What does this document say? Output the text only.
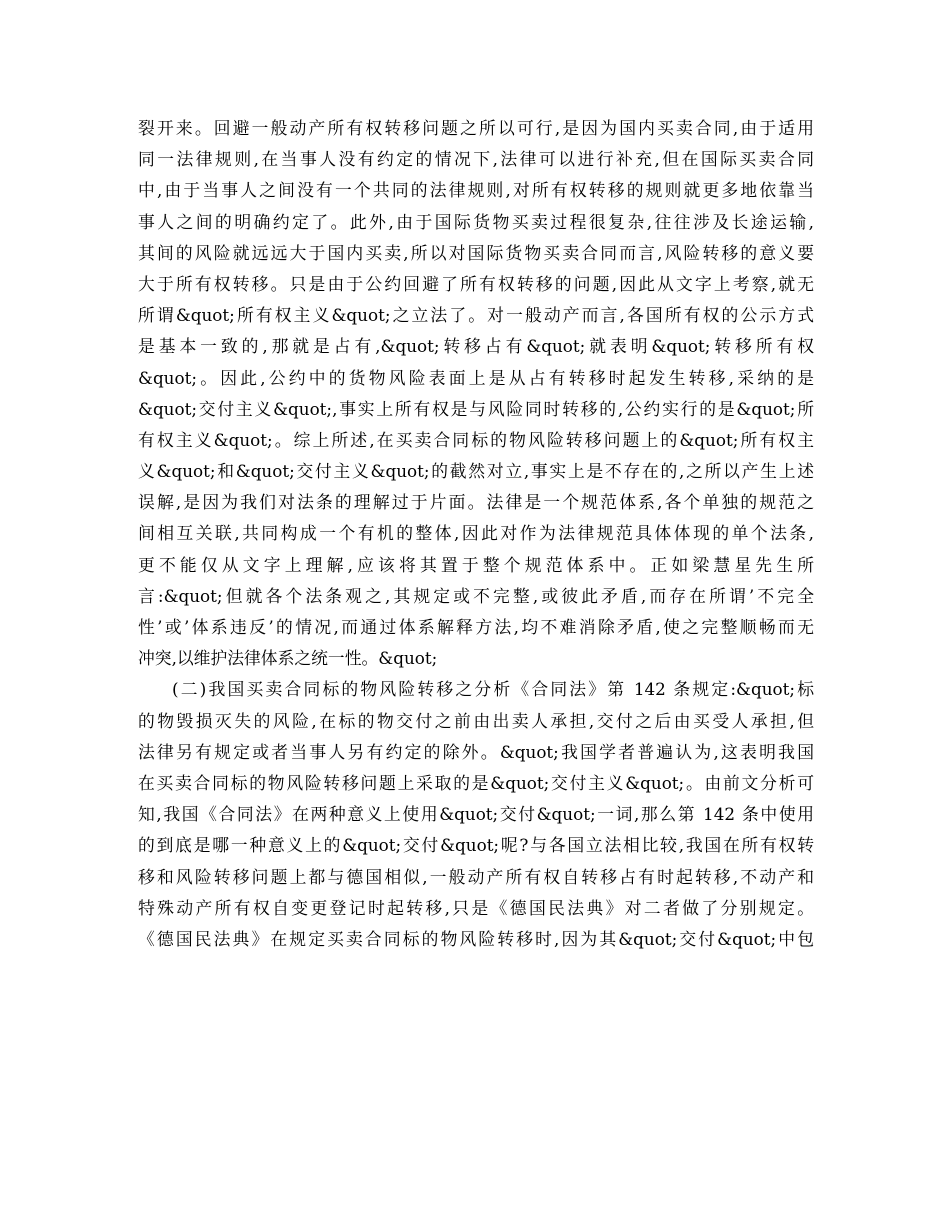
裂开来。回避一般动产所有权转移问题之所以可行,是因为国内买卖合同,由于适用
同一法律规则,在当事人没有约定的情况下,法律可以进行补充,但在国际买卖合同
中,由于当事人之间没有一个共同的法律规则,对所有权转移的规则就更多地依靠当
事人之间的明确约定了。此外,由于国际货物买卖过程很复杂,往往涉及长途运输,
其间的风险就远远大于国内买卖,所以对国际货物买卖合同而言,风险转移的意义要
大于所有权转移。只是由于公约回避了所有权转移的问题,因此从文字上考察,就无
所谓&quot;所有权主义&quot;之立法了。对一般动产而言,各国所有权的公示方式
是基本一致的,那就是占有,&quot;转移占有&quot;就表明&quot;转移所有权
&quot;。因此,公约中的货物风险表面上是从占有转移时起发生转移,采纳的是
&quot;交付主义&quot;,事实上所有权是与风险同时转移的,公约实行的是&quot;所
有权主义&quot;。综上所述,在买卖合同标的物风险转移问题上的&quot;所有权主
义&quot;和&quot;交付主义&quot;的截然对立,事实上是不存在的,之所以产生上述
误解,是因为我们对法条的理解过于片面。法律是一个规范体系,各个单独的规范之
间相互关联,共同构成一个有机的整体,因此对作为法律规范具体体现的单个法条,
更不能仅从文字上理解,应该将其置于整个规范体系中。正如梁慧星先生所
言:&quot;但就各个法条观之,其规定或不完整,或彼此矛盾,而存在所谓’不完全
性’或’体系违反’的情况,而通过体系解释方法,均不难消除矛盾,使之完整顺畅而无
冲突,以维护法律体系之统一性。&quot;
(二)我国买卖合同标的物风险转移之分析《合同法》第 142 条规定:&quot;标
的物毁损灭失的风险,在标的物交付之前由出卖人承担,交付之后由买受人承担,但
法律另有规定或者当事人另有约定的除外。&quot;我国学者普遍认为,这表明我国
在买卖合同标的物风险转移问题上采取的是&quot;交付主义&quot;。由前文分析可
知,我国《合同法》在两种意义上使用&quot;交付&quot;一词,那么第 142 条中使用
的到底是哪一种意义上的&quot;交付&quot;呢?与各国立法相比较,我国在所有权转
移和风险转移问题上都与德国相似,一般动产所有权自转移占有时起转移,不动产和
特殊动产所有权自变更登记时起转移,只是《德国民法典》对二者做了分别规定。
《德国民法典》在规定买卖合同标的物风险转移时,因为其&quot;交付&quot;中包
